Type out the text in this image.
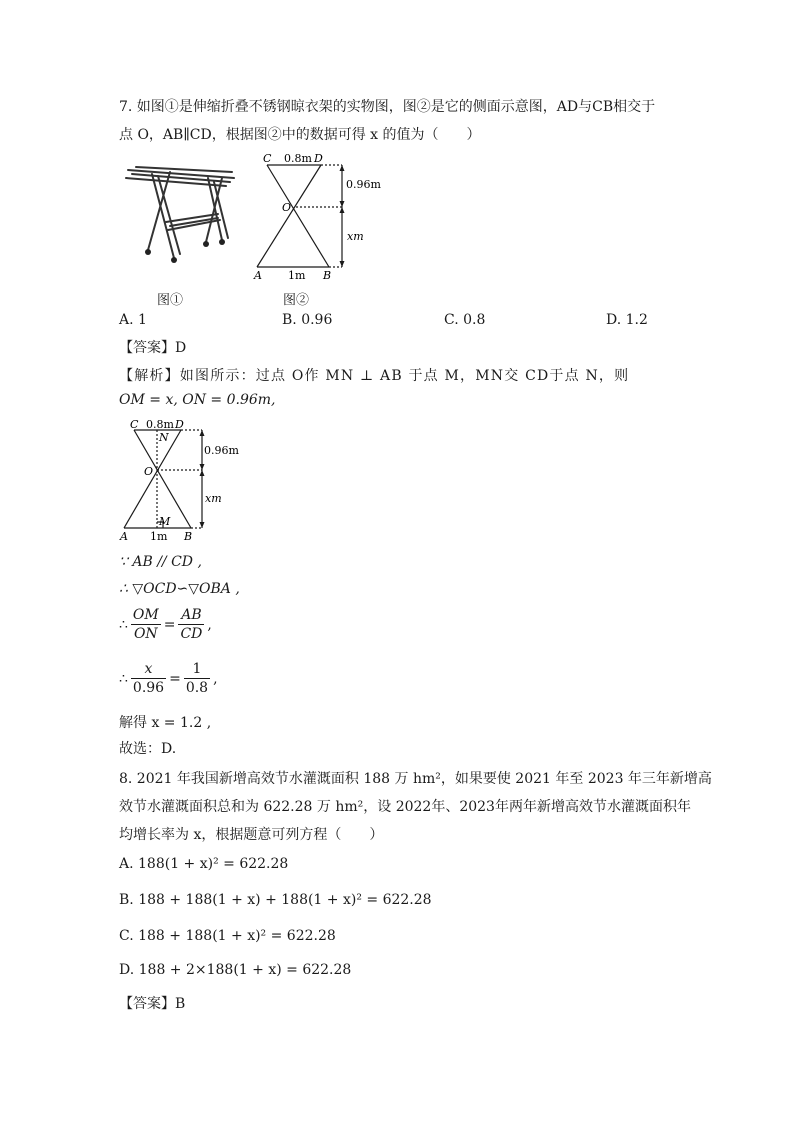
7. 如图①是伸缩折叠不锈钢晾衣架的实物图，图②是它的侧面示意图，AD与CB相交于
点 O，AB∥CD，根据图②中的数据可得 x 的值为（　　）
图①
C 0.8m D
O
0.96m
xm
A 1m B
图②
A. 1	B. 0.96	C. 0.8	D. 1.2
【答案】D
【解析】如图所示：过点 O作 MN ⊥ AB 于点 M，MN交 CD于点 N，则
OM = x, ON = 0.96m,
C 0.8m D
N
O
0.96m
xm
M
A 1m B
∵ AB // CD ,
∴ ▽OCD∽▽OBA ,
∴ $\frac{OM}{ON} = \frac{AB}{CD}$ ,
∴ $\frac{x}{0.96} = \frac{1}{0.8}$ ,
解得 x = 1.2 ,
故选：D.
8. 2021 年我国新增高效节水灌溉面积 188 万 hm²，如果要使 2021 年至 2023 年三年新增高
效节水灌溉面积总和为 622.28 万 hm²，设 2022年、2023年两年新增高效节水灌溉面积年
均增长率为 x，根据题意可列方程（　　）
A. 188(1 + x)² = 622.28
B. 188 + 188(1 + x) + 188(1 + x)² = 622.28
C. 188 + 188(1 + x)² = 622.28
D. 188 + 2×188(1 + x) = 622.28
【答案】B
